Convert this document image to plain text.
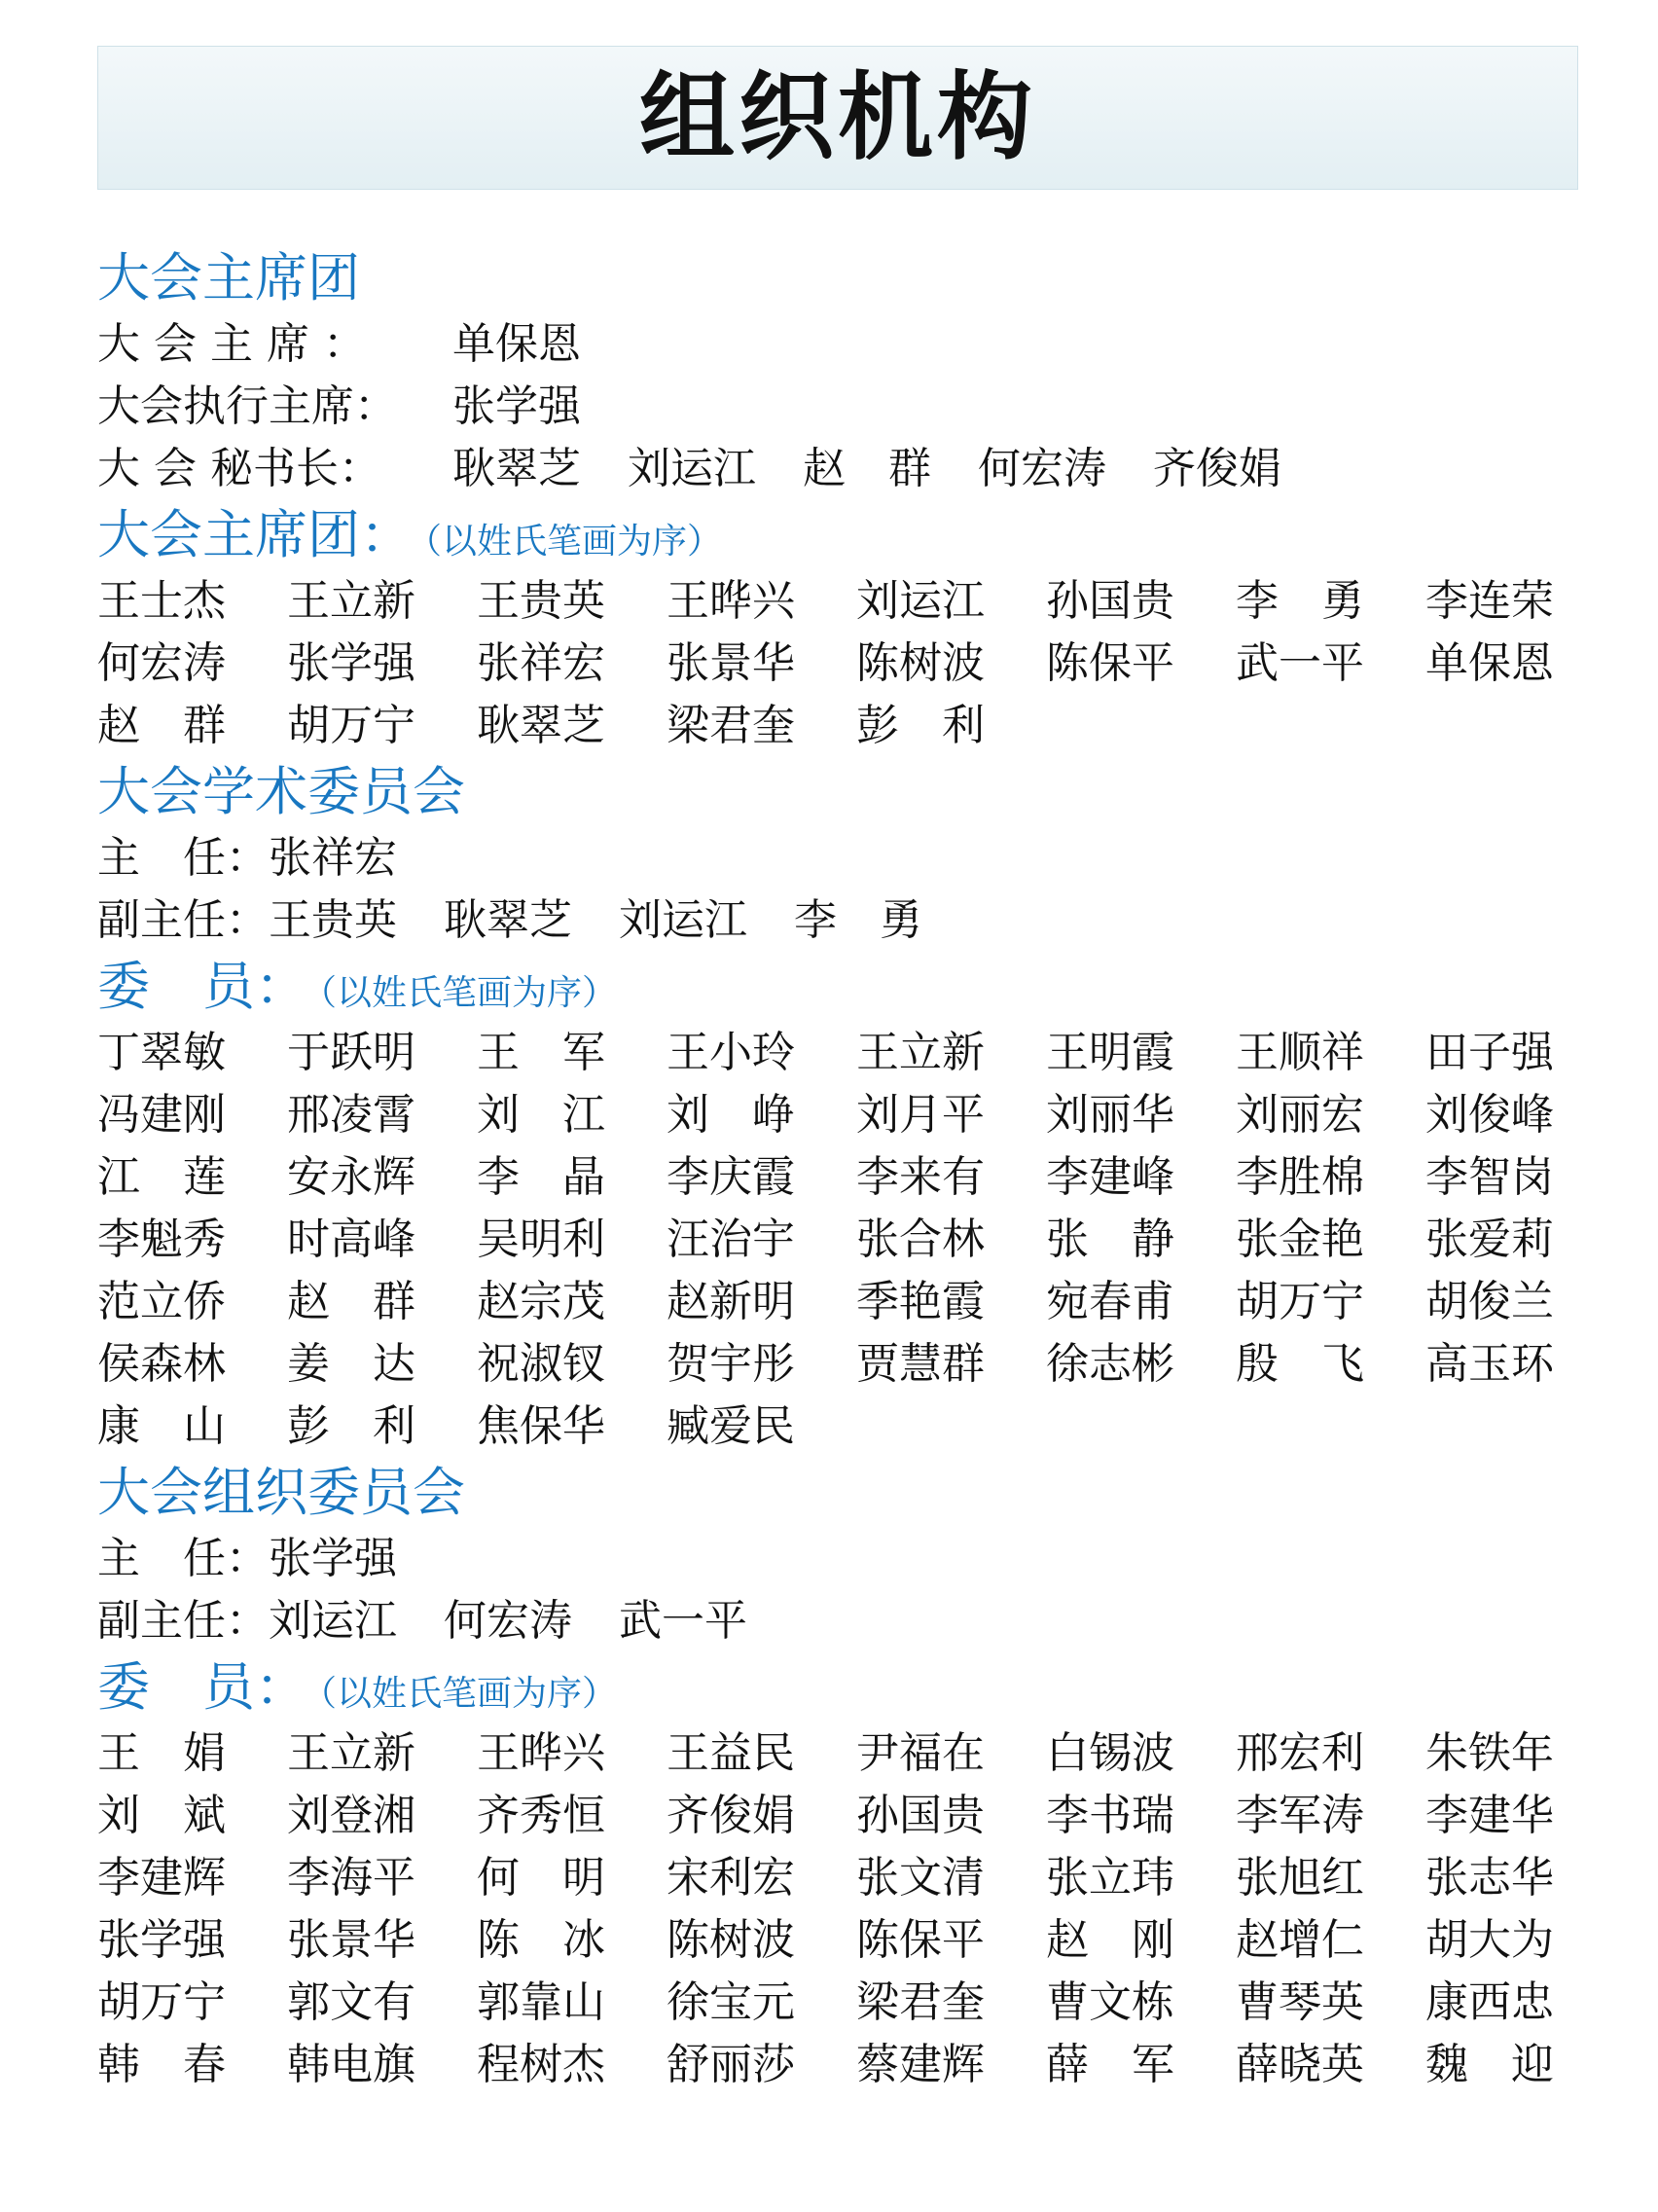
组织机构
大会主席团
大 会 主 席 ： 单保恩
大会执行主席： 张学强
大 会 秘书长： 耿翠芝 刘运江 赵　群 何宏涛 齐俊娟
大会主席团： （以姓氏笔画为序）
王士杰	王立新	王贵英	王晔兴	刘运江	孙国贵	李　勇	李连荣
何宏涛	张学强	张祥宏	张景华	陈树波	陈保平	武一平	单保恩
赵　群	胡万宁	耿翠芝	梁君奎	彭　利
大会学术委员会
主　任：张祥宏
副主任：王贵英 耿翠芝 刘运江 李　勇
委　员： （以姓氏笔画为序）
丁翠敏	于跃明	王　军	王小玲	王立新	王明霞	王顺祥	田子强
冯建刚	邢凌霄	刘　江	刘　峥	刘月平	刘丽华	刘丽宏	刘俊峰
江　莲	安永辉	李　晶	李庆霞	李来有	李建峰	李胜棉	李智岗
李魁秀	时高峰	吴明利	汪治宇	张合林	张　静	张金艳	张爱莉
范立侨	赵　群	赵宗茂	赵新明	季艳霞	宛春甫	胡万宁	胡俊兰
侯森林	姜　达	祝淑钗	贺宇彤	贾慧群	徐志彬	殷　飞	高玉环
康　山	彭　利	焦保华	臧爱民
大会组织委员会
主　任：张学强
副主任：刘运江 何宏涛 武一平
委　员： （以姓氏笔画为序）
王　娟	王立新	王晔兴	王益民	尹福在	白锡波	邢宏利	朱铁年
刘　斌	刘登湘	齐秀恒	齐俊娟	孙国贵	李书瑞	李军涛	李建华
李建辉	李海平	何　明	宋利宏	张文清	张立玮	张旭红	张志华
张学强	张景华	陈　冰	陈树波	陈保平	赵　刚	赵增仁	胡大为
胡万宁	郭文有	郭靠山	徐宝元	梁君奎	曹文栋	曹琴英	康西忠
韩　春	韩电旗	程树杰	舒丽莎	蔡建辉	薛　军	薛晓英	魏　迎
